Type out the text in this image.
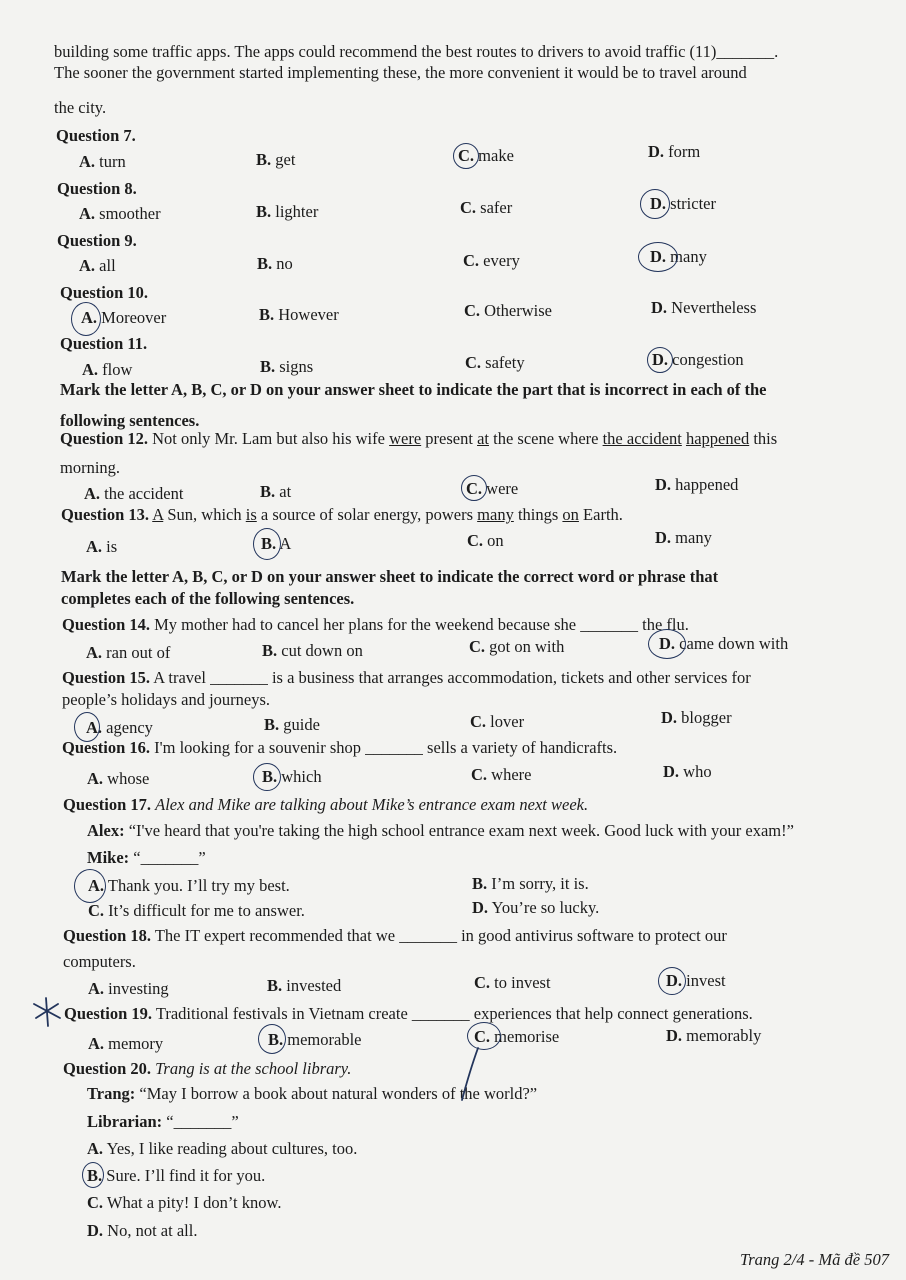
building some traffic apps. The apps could recommend the best routes to drivers to avoid traffic (11)_______.
The sooner the government started implementing these, the more convenient it would be to travel around
the city.
Question 7.
A. turn	B. get	C. make	D. form
Question 8.
A. smoother	B. lighter	C. safer	D. stricter
Question 9.
A. all	B. no	C. every	D. many
Question 10.
A. Moreover	B. However	C. Otherwise	D. Nevertheless
Question 11.
A. flow	B. signs	C. safety	D. congestion
Mark the letter A, B, C, or D on your answer sheet to indicate the part that is incorrect in each of the
following sentences.
Question 12. Not only Mr. Lam but also his wife were present at the scene where the accident happened this
morning.
A. the accident	B. at	C. were	D. happened
Question 13. A Sun, which is a source of solar energy, powers many things on Earth.
A. is	B. A	C. on	D. many
Mark the letter A, B, C, or D on your answer sheet to indicate the correct word or phrase that
completes each of the following sentences.
Question 14. My mother had to cancel her plans for the weekend because she _______ the flu.
A. ran out of	B. cut down on	C. got on with	D. came down with
Question 15. A travel _______ is a business that arranges accommodation, tickets and other services for
people’s holidays and journeys.
A. agency	B. guide	C. lover	D. blogger
Question 16. I'm looking for a souvenir shop _______ sells a variety of handicrafts.
A. whose	B. which	C. where	D. who
Question 17. Alex and Mike are talking about Mike’s entrance exam next week.
Alex: “I've heard that you're taking the high school entrance exam next week. Good luck with your exam!”
Mike: “_______”
A. Thank you. I’ll try my best.	B. I’m sorry, it is.
C. It’s difficult for me to answer.	D. You’re so lucky.
Question 18. The IT expert recommended that we _______ in good antivirus software to protect our
computers.
A. investing	B. invested	C. to invest	D. invest
Question 19. Traditional festivals in Vietnam create _______ experiences that help connect generations.
A. memory	B. memorable	C. memorise	D. memorably
Question 20. Trang is at the school library.
Trang: “May I borrow a book about natural wonders of the world?”
Librarian: “_______”
A. Yes, I like reading about cultures, too.
B. Sure. I’ll find it for you.
C. What a pity! I don’t know.
D. No, not at all.
Trang 2/4 - Mã đề 507
